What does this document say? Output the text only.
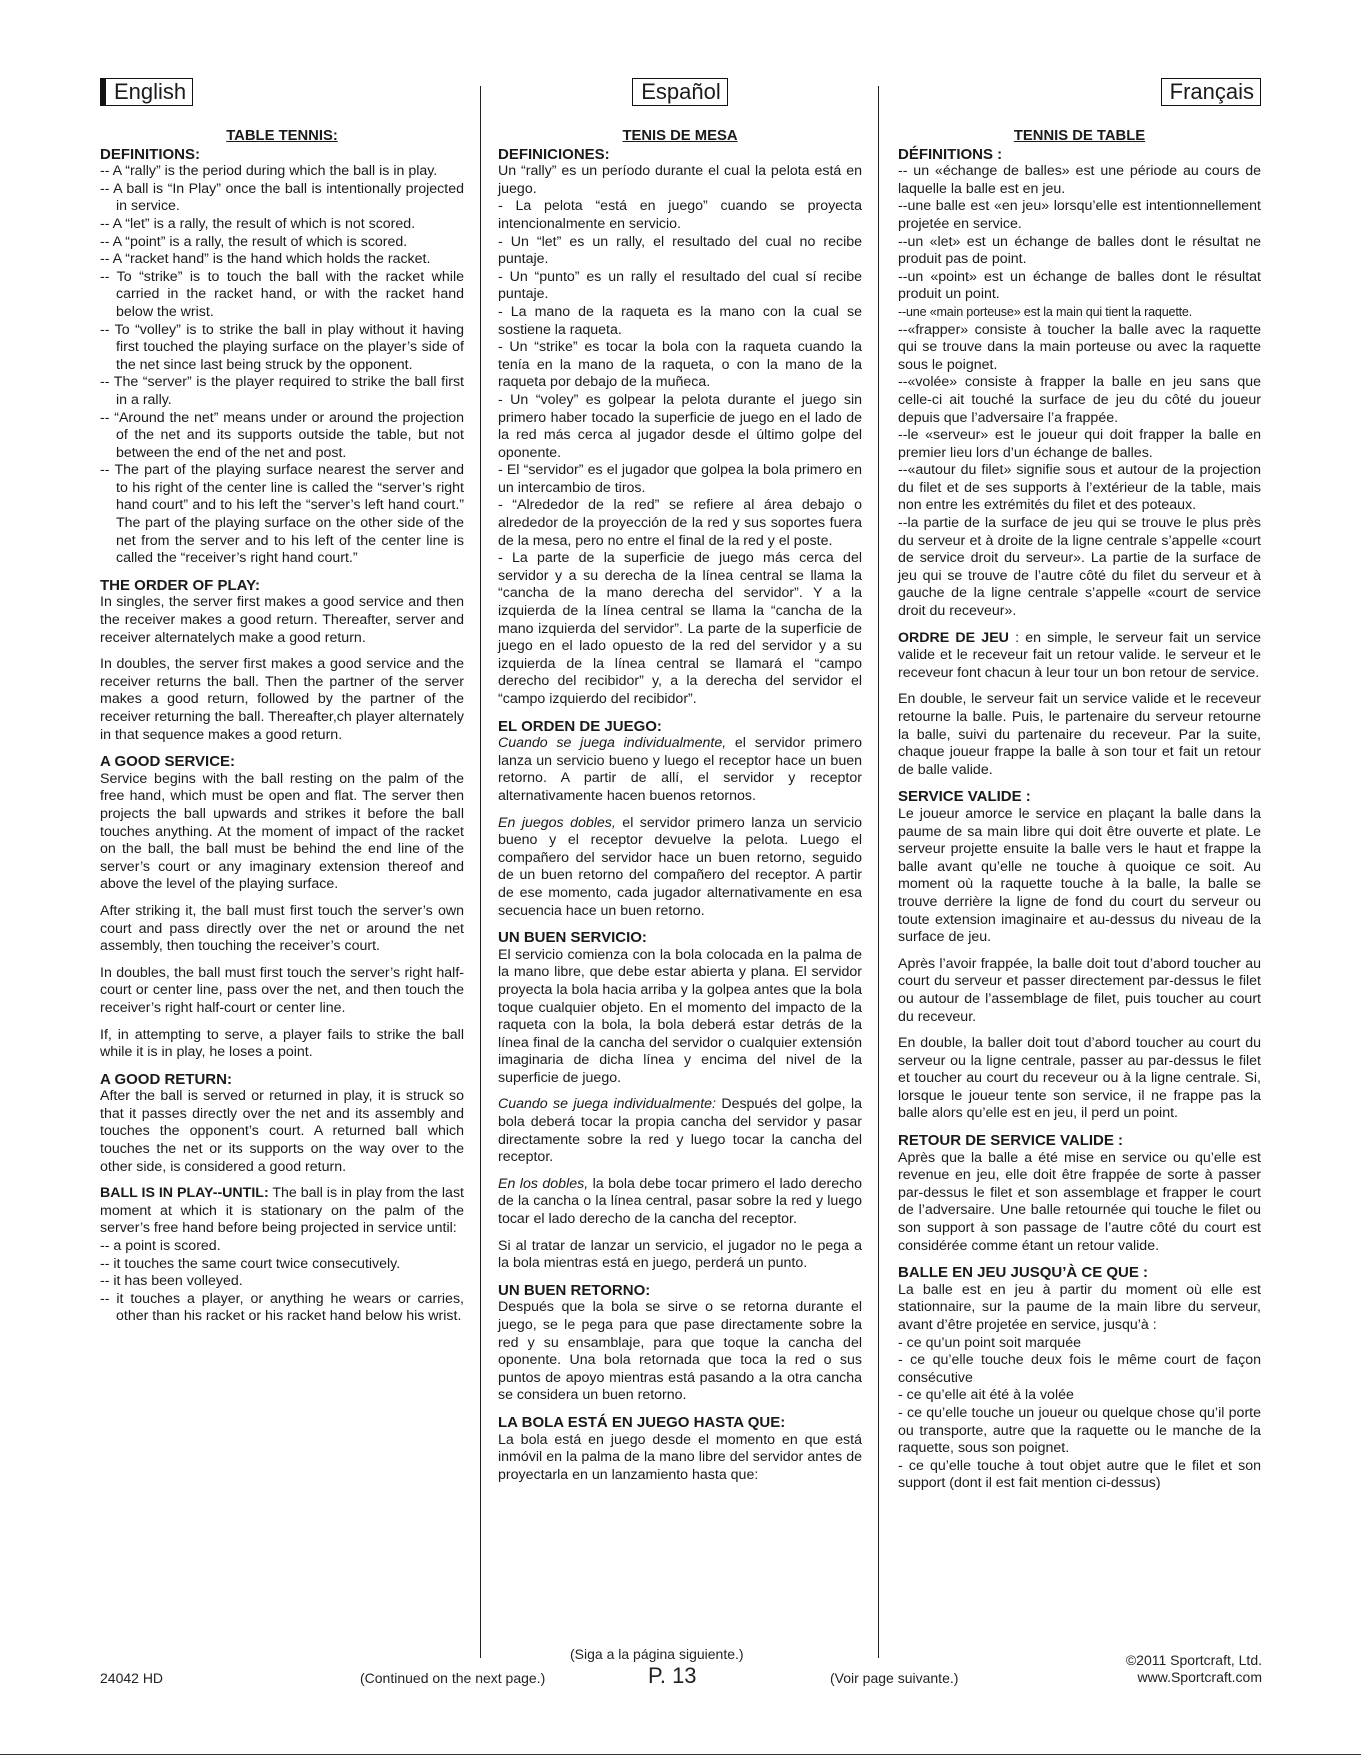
English

TABLE TENNIS:

DEFINITIONS:

-- A “rally” is the period during which the ball is in play.

-- A ball is “In Play” once the ball is intentionally projected in service.

-- A “let” is a rally, the result of which is not scored.

-- A “point” is a rally, the result of which is scored.

-- A “racket hand” is the hand which holds the racket.

-- To “strike” is to touch the ball with the racket while carried in the racket hand, or with the racket hand below the wrist.

-- To “volley” is to strike the ball in play without it having first touched the playing surface on the player’s side of the net since last being struck by the opponent.

-- The “server” is the player required to strike the ball first in a rally.

-- “Around the net” means under or around the projection of the net and its supports outside the table, but not between the end of the net and post.

-- The part of the playing surface nearest the server and to his right of the center line is called the “server’s right hand court” and to his left the “server’s left hand court.” The part of the playing surface on the other side of the net from the server and to his left of the center line is called the “receiver’s right hand court.”

THE ORDER OF PLAY:

In singles, the server first makes a good service and then the receiver makes a good return. Thereafter, server and receiver alternatelych make a good return.

In doubles, the server first makes a good service and the receiver returns the ball. Then the partner of the server makes a good return, followed by the partner of the receiver returning the ball. Thereafter,ch player alternately in that sequence makes a good return.

A GOOD SERVICE:

Service begins with the ball resting on the palm of the free hand, which must be open and flat. The server then projects the ball upwards and strikes it before the ball touches anything. At the moment of impact of the racket on the ball, the ball must be behind the end line of the server’s court or any imaginary extension thereof and above the level of the playing surface.

After striking it, the ball must first touch the server’s own court and pass directly over the net or around the net assembly, then touching the receiver’s court.

In doubles, the ball must first touch the server’s right half-court or center line, pass over the net, and then touch the receiver’s right half-court or center line.

If, in attempting to serve, a player fails to strike the ball while it is in play, he loses a point.

A GOOD RETURN:

After the ball is served or returned in play, it is struck so that it passes directly over the net and its assembly and touches the opponent’s court. A returned ball which touches the net or its supports on the way over to the other side, is considered a good return.

BALL IS IN PLAY--UNTIL: The ball is in play from the last moment at which it is stationary on the palm of the server’s free hand before being projected in service until:

-- a point is scored.

-- it touches the same court twice consecutively.

-- it has been volleyed.

-- it touches a player, or anything he wears or carries, other than his racket or his racket hand below his wrist.

Español

TENIS DE MESA

DEFINICIONES:

Un “rally” es un período durante el cual la pelota está en juego.

- La pelota “está en juego” cuando se proyecta intencionalmente en servicio.

- Un “let” es un rally, el resultado del cual no recibe puntaje.

- Un “punto” es un rally el resultado del cual sí recibe puntaje.

- La mano de la raqueta es la mano con la cual se sostiene la raqueta.

- Un “strike” es tocar la bola con la raqueta cuando la tenía en la mano de la raqueta, o con la mano de la raqueta por debajo de la muñeca.

- Un “voley” es golpear la pelota durante el juego sin primero haber tocado la superficie de juego en el lado de la red más cerca al jugador desde el último golpe del oponente.

- El “servidor” es el jugador que golpea la bola primero en un intercambio de tiros.

- “Alrededor de la red” se refiere al área debajo o alrededor de la proyección de la red y sus soportes fuera de la mesa, pero no entre el final de la red y el poste.

- La parte de la superficie de juego más cerca del servidor y a su derecha de la línea central se llama la “cancha de la mano derecha del servidor”. Y a la izquierda de la línea central se llama la “cancha de la mano izquierda del servidor”. La parte de la superficie de juego en el lado opuesto de la red del servidor y a su izquierda de la línea central se llamará el “campo derecho del recibidor” y, a la derecha del servidor el “campo izquierdo del recibidor”.

EL ORDEN DE JUEGO:

Cuando se juega individualmente, el servidor primero lanza un servicio bueno y luego el receptor hace un buen retorno. A partir de allí, el servidor y receptor alternativamente hacen buenos retornos.

En juegos dobles, el servidor primero lanza un servicio bueno y el receptor devuelve la pelota. Luego el compañero del servidor hace un buen retorno, seguido de un buen retorno del compañero del receptor. A partir de ese momento, cada jugador alternativamente en esa secuencia hace un buen retorno.

UN BUEN SERVICIO:

El servicio comienza con la bola colocada en la palma de la mano libre, que debe estar abierta y plana. El servidor proyecta la bola hacia arriba y la golpea antes que la bola toque cualquier objeto. En el momento del impacto de la raqueta con la bola, la bola deberá estar detrás de la línea final de la cancha del servidor o cualquier extensión imaginaria de dicha línea y encima del nivel de la superficie de juego.

Cuando se juega individualmente: Después del golpe, la bola deberá tocar la propia cancha del servidor y pasar directamente sobre la red y luego tocar la cancha del receptor.

En los dobles, la bola debe tocar primero el lado derecho de la cancha o la línea central, pasar sobre la red y luego tocar el lado derecho de la cancha del receptor.

Si al tratar de lanzar un servicio, el jugador no le pega a la bola mientras está en juego, perderá un punto.

UN BUEN RETORNO:

Después que la bola se sirve o se retorna durante el juego, se le pega para que pase directamente sobre la red y su ensamblaje, para que toque la cancha del oponente. Una bola retornada que toca la red o sus puntos de apoyo mientras está pasando a la otra cancha se considera un buen retorno.

LA BOLA ESTÁ EN JUEGO HASTA QUE:

La bola está en juego desde el momento en que está inmóvil en la palma de la mano libre del servidor antes de proyectarla en un lanzamiento hasta que:

Français

TENNIS DE TABLE

DÉFINITIONS :

-- un «échange de balles» est une période au cours de laquelle la balle est en jeu.

--une balle est «en jeu» lorsqu’elle est intentionnellement projetée en service.

--un «let» est un échange de balles dont le résultat ne produit pas de point.

--un «point» est un échange de balles dont le résultat produit un point.

--une «main porteuse» est la main qui tient la raquette.

--«frapper» consiste à toucher la balle avec la raquette qui se trouve dans la main porteuse ou avec la raquette sous le poignet.

--«volée» consiste à frapper la balle en jeu sans que celle-ci ait touché la surface de jeu du côté du joueur depuis que l’adversaire l’a frappée.

--le «serveur» est le joueur qui doit frapper la balle en premier lieu lors d’un échange de balles.

--«autour du filet» signifie sous et autour de la projection du filet et de ses supports à l’extérieur de la table, mais non entre les extrémités du filet et des poteaux.

--la partie de la surface de jeu qui se trouve le plus près du serveur et à droite de la ligne centrale s’appelle «court de service droit du serveur». La partie de la surface de jeu qui se trouve de l’autre côté du filet du serveur et à gauche de la ligne centrale s’appelle «court de service droit du receveur».

ORDRE DE JEU : en simple, le serveur fait un service valide et le receveur fait un retour valide. le serveur et le receveur font chacun à leur tour un bon retour de service.

En double, le serveur fait un service valide et le receveur retourne la balle. Puis, le partenaire du serveur retourne la balle, suivi du partenaire du receveur. Par la suite, chaque joueur frappe la balle à son tour et fait un retour de balle valide.

SERVICE VALIDE :

Le joueur amorce le service en plaçant la balle dans la paume de sa main libre qui doit être ouverte et plate. Le serveur projette ensuite la balle vers le haut et frappe la balle avant qu’elle ne touche à quoique ce soit. Au moment où la raquette touche à la balle, la balle se trouve derrière la ligne de fond du court du serveur ou toute extension imaginaire et au-dessus du niveau de la surface de jeu.

Après l’avoir frappée, la balle doit tout d’abord toucher au court du serveur et passer directement par-dessus le filet ou autour de l’assemblage de filet, puis toucher au court du receveur.

En double, la baller doit tout d’abord toucher au court du serveur ou la ligne centrale, passer au par-dessus le filet et toucher au court du receveur ou à la ligne centrale. Si, lorsque le joueur tente son service, il ne frappe pas la balle alors qu’elle est en jeu, il perd un point.

RETOUR DE SERVICE VALIDE :

Après que la balle a été mise en service ou qu’elle est revenue en jeu, elle doit être frappée de sorte à passer par-dessus le filet et son assemblage et frapper le court de l’adversaire. Une balle retournée qui touche le filet ou son support à son passage de l’autre côté du court est considérée comme étant un retour valide.

BALLE EN JEU JUSQU’À CE QUE :

La balle est en jeu à partir du moment où elle est stationnaire, sur la paume de la main libre du serveur, avant d’être projetée en service, jusqu’à :

- ce qu’un point soit marquée

- ce qu’elle touche deux fois le même court de façon consécutive

- ce qu’elle ait été à la volée

- ce qu’elle touche un joueur ou quelque chose qu’il porte ou transporte, autre que la raquette ou le manche de la raquette, sous son poignet.

- ce qu’elle touche à tout objet autre que le filet et son support (dont il est fait mention ci-dessus)

24042 HD	(Continued on the next page.)
(Siga a la página siguiente.)
P. 13	(Voir page suivante.)
©2011 Sportcraft, Ltd.
www.Sportcraft.com
